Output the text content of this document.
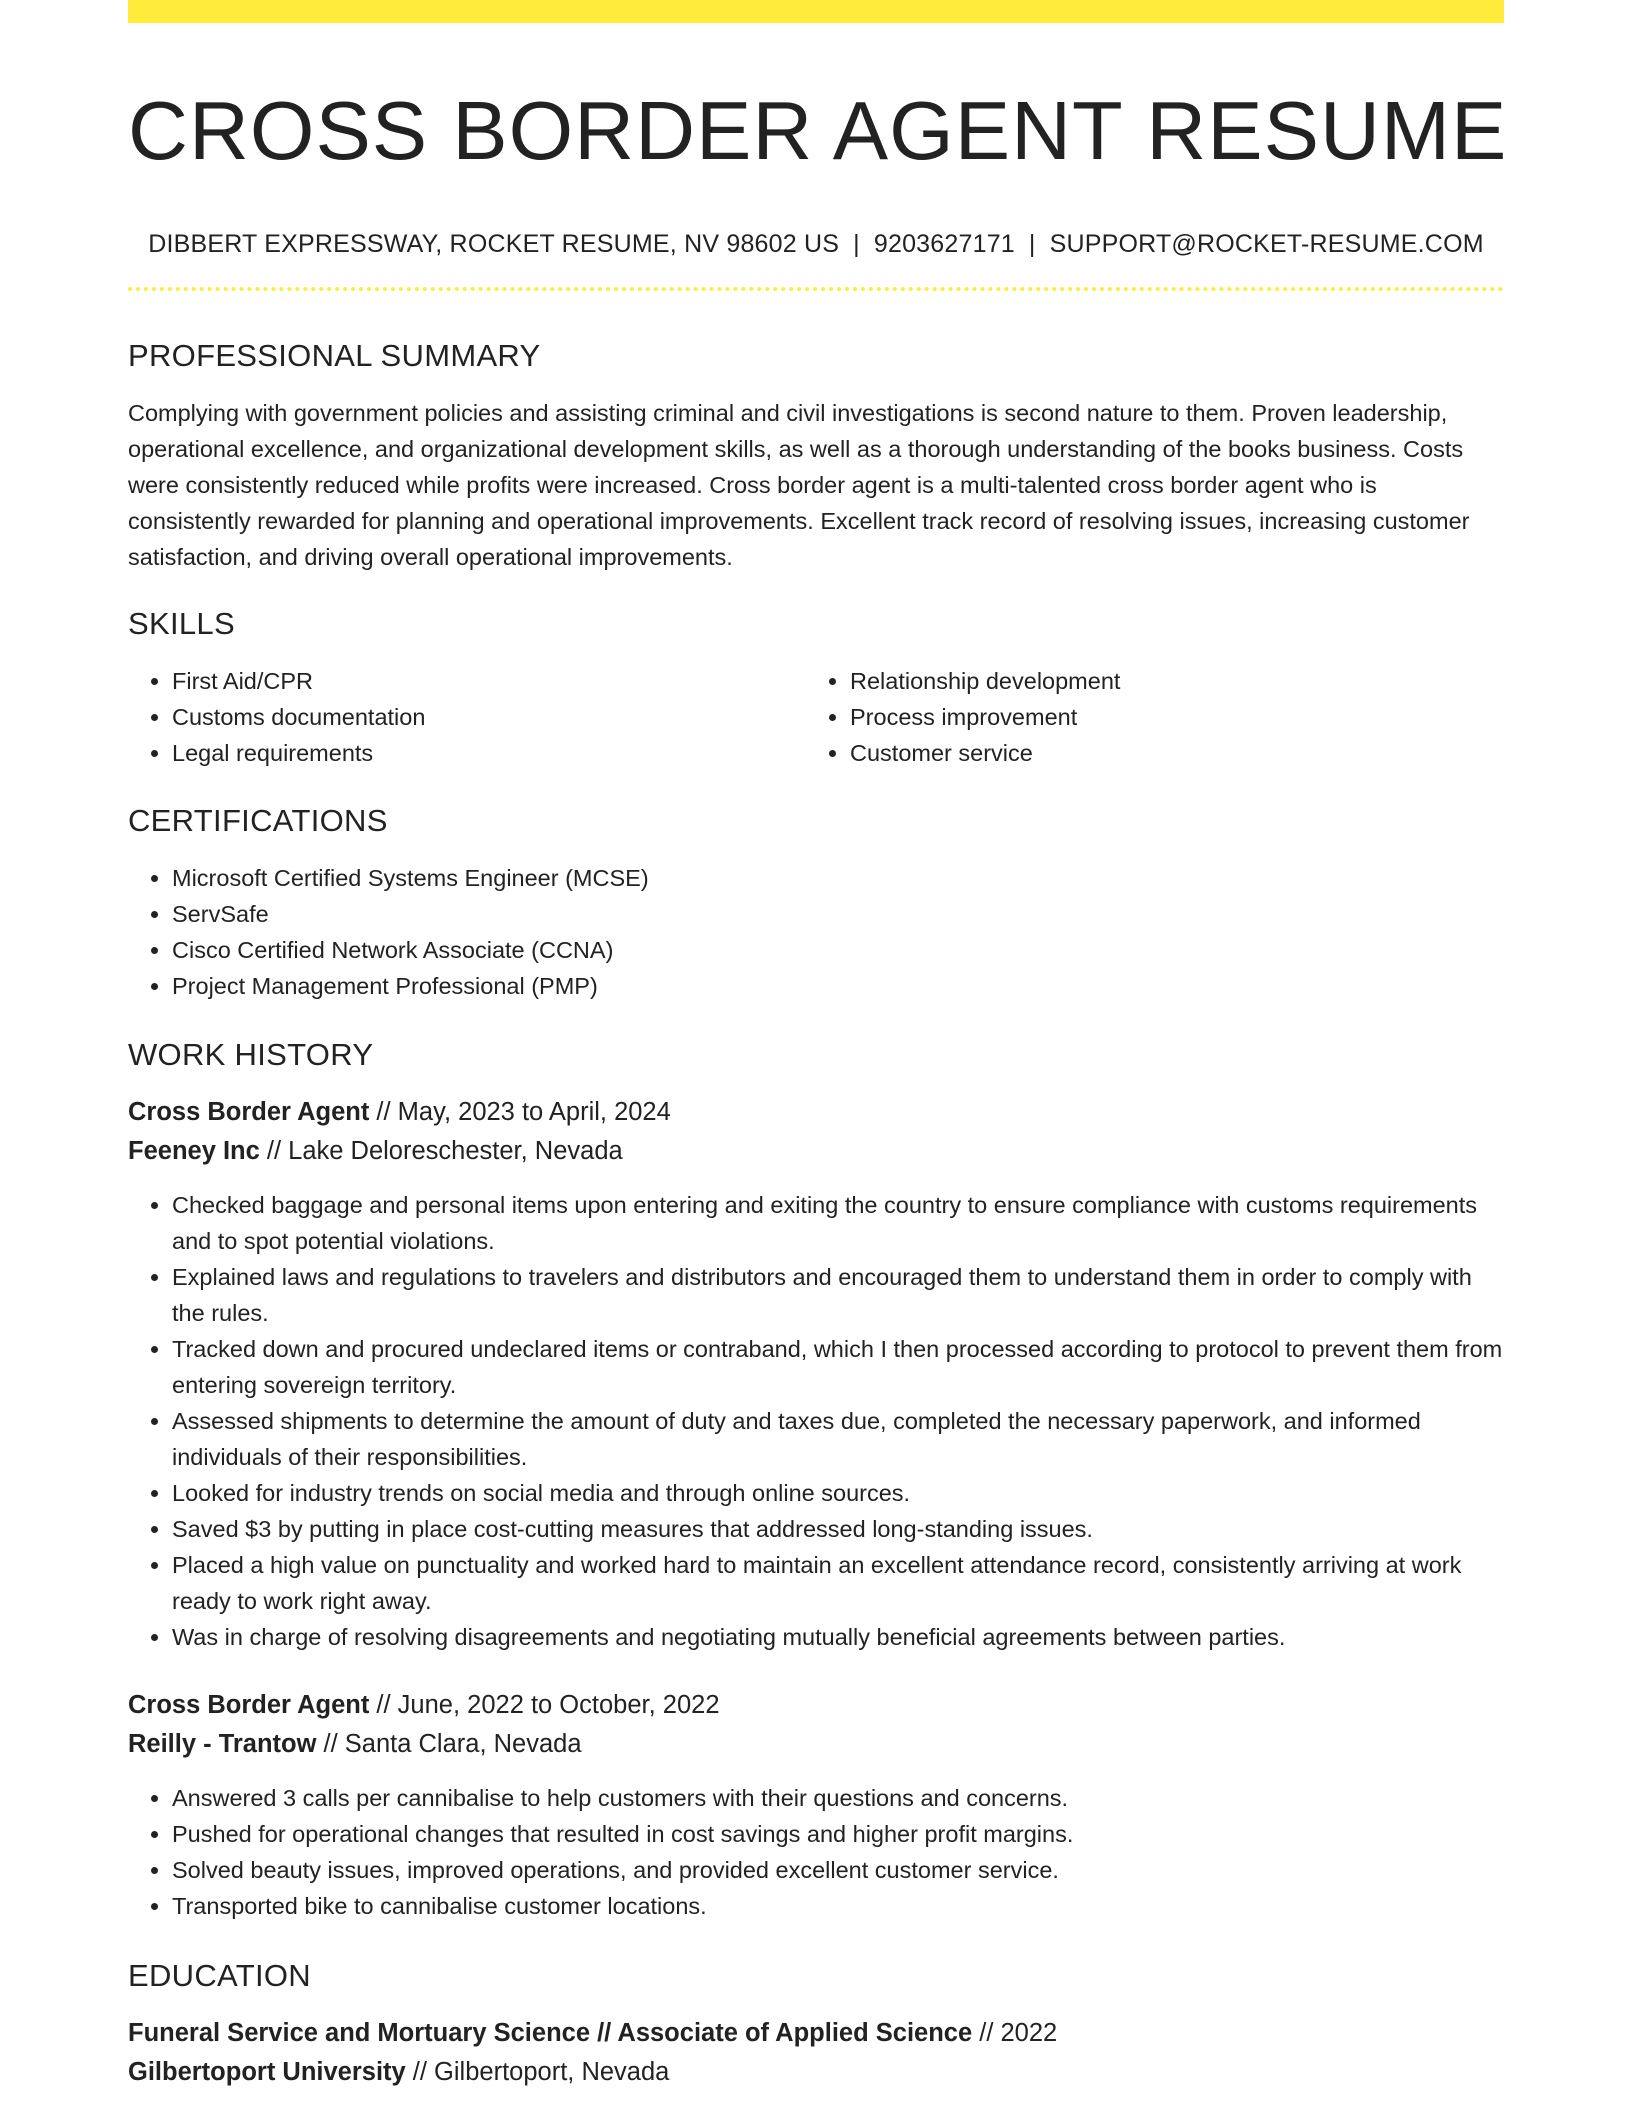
CROSS BORDER AGENT RESUME
DIBBERT EXPRESSWAY, ROCKET RESUME, NV 98602 US | 9203627171 | SUPPORT@ROCKET-RESUME.COM
PROFESSIONAL SUMMARY

Complying with government policies and assisting criminal and civil investigations is second nature to them. Proven leadership, operational excellence, and organizational development skills, as well as a thorough understanding of the books business. Costs were consistently reduced while profits were increased. Cross border agent is a multi-talented cross border agent who is consistently rewarded for planning and operational improvements. Excellent track record of resolving issues, increasing customer satisfaction, and driving overall operational improvements.

SKILLS
• First Aid/CPR
• Customs documentation
• Legal requirements
• Relationship development
• Process improvement
• Customer service
CERTIFICATIONS
• Microsoft Certified Systems Engineer (MCSE)
• ServSafe
• Cisco Certified Network Associate (CCNA)
• Project Management Professional (PMP)
WORK HISTORY

Cross Border Agent // May, 2023 to April, 2024

Feeney Inc // Lake Deloreschester, Nevada

• Checked baggage and personal items upon entering and exiting the country to ensure compliance with customs requirements and to spot potential violations.
• Explained laws and regulations to travelers and distributors and encouraged them to understand them in order to comply with the rules.
• Tracked down and procured undeclared items or contraband, which I then processed according to protocol to prevent them from entering sovereign territory.
• Assessed shipments to determine the amount of duty and taxes due, completed the necessary paperwork, and informed individuals of their responsibilities.
• Looked for industry trends on social media and through online sources.
• Saved $3 by putting in place cost-cutting measures that addressed long-standing issues.
• Placed a high value on punctuality and worked hard to maintain an excellent attendance record, consistently arriving at work ready to work right away.
• Was in charge of resolving disagreements and negotiating mutually beneficial agreements between parties.

Cross Border Agent // June, 2022 to October, 2022

Reilly - Trantow // Santa Clara, Nevada

• Answered 3 calls per cannibalise to help customers with their questions and concerns.
• Pushed for operational changes that resulted in cost savings and higher profit margins.
• Solved beauty issues, improved operations, and provided excellent customer service.
• Transported bike to cannibalise customer locations.
EDUCATION

Funeral Service and Mortuary Science // Associate of Applied Science // 2022

Gilbertoport University // Gilbertoport, Nevada
